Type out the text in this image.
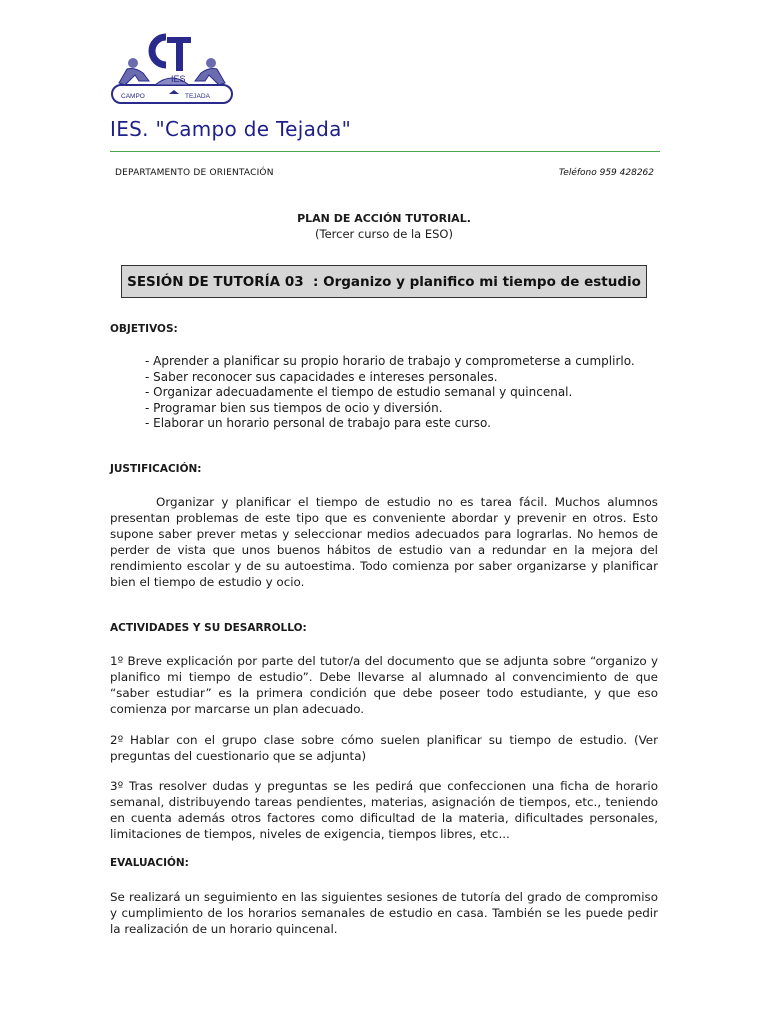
IES
CAMPO	TEJADA
IES. "Campo de Tejada"
DEPARTAMENTO DE ORIENTACIÓN	Teléfono 959 428262
PLAN DE ACCIÓN TUTORIAL.
(Tercer curso de la ESO)
SESIÓN DE TUTORÍA 03  : Organizo y planifico mi tiempo de estudio
OBJETIVOS:
- Aprender a planificar su propio horario de trabajo y comprometerse a cumplirlo.
- Saber reconocer sus capacidades e intereses personales.
- Organizar adecuadamente el tiempo de estudio semanal y quincenal.
- Programar bien sus tiempos de ocio y diversión.
- Elaborar un horario personal de trabajo para este curso.
JUSTIFICACIÓN:
Organizar y planificar el tiempo de estudio no es tarea fácil. Muchos alumnos presentan problemas de este tipo que es conveniente abordar y prevenir en otros. Esto supone saber prever metas y seleccionar medios adecuados para lograrlas. No hemos de perder de vista que unos buenos hábitos de estudio van a redundar en la mejora del rendimiento escolar y de su autoestima. Todo comienza por saber organizarse y planificar bien el tiempo de estudio y ocio.
ACTIVIDADES Y SU DESARROLLO:
1º Breve explicación por parte del tutor/a del documento que se adjunta sobre “organizo y planifico mi tiempo de estudio”. Debe llevarse al alumnado al convencimiento de que “saber estudiar” es la primera condición que debe poseer todo estudiante, y que eso comienza por marcarse un plan adecuado.
2º Hablar con el grupo clase sobre cómo suelen planificar su tiempo de estudio. (Ver preguntas del cuestionario que se adjunta)
3º Tras resolver dudas y preguntas se les pedirá que confeccionen una ficha de horario semanal, distribuyendo tareas pendientes, materias, asignación de tiempos, etc., teniendo en cuenta además otros factores como dificultad de la materia, dificultades personales, limitaciones de tiempos, niveles de exigencia, tiempos libres, etc...
EVALUACIÓN:
Se realizará un seguimiento en las siguientes sesiones de tutoría del grado de compromiso y cumplimiento de los horarios semanales de estudio en casa. También se les puede pedir la realización de un horario quincenal.
